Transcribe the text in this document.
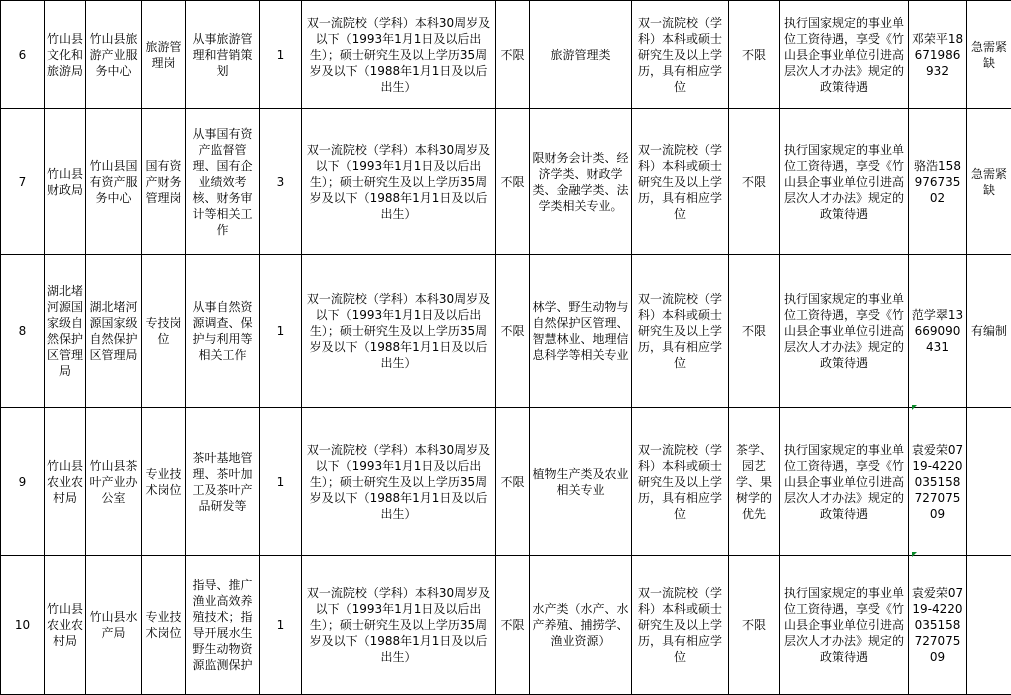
6	竹山县文化和旅游局	竹山县旅游产业服务中心	旅游管理岗	从事旅游管理和营销策划	1	双一流院校（学科）本科30周岁及以下（1993年1月1日及以后出生）；硕士研究生及以上学历35周岁及以下（1988年1月1日及以后出生）	不限	旅游管理类	双一流院校（学科）本科或硕士研究生及以上学历，具有相应学位	不限	执行国家规定的事业单位工资待遇，享受《竹山县企事业单位引进高层次人才办法》规定的政策待遇	邓荣平18671986932	急需紧缺
7	竹山县财政局	竹山县国有资产服务中心	国有资产财务管理岗	从事国有资产监督管理、国有企业绩效考核、财务审计等相关工作	3	双一流院校（学科）本科30周岁及以下（1993年1月1日及以后出生）；硕士研究生及以上学历35周岁及以下（1988年1月1日及以后出生）	不限	限财务会计类、经济学类、财政学类、金融学类、法学类相关专业。	双一流院校（学科）本科或硕士研究生及以上学历，具有相应学位	不限	执行国家规定的事业单位工资待遇，享受《竹山县企事业单位引进高层次人才办法》规定的政策待遇	骆浩15897673502	急需紧缺
8	湖北堵河源国家级自然保护区管理局	湖北堵河源国家级自然保护区管理局	专技岗位	从事自然资源调查、保护与利用等相关工作	1	双一流院校（学科）本科30周岁及以下（1993年1月1日及以后出生）；硕士研究生及以上学历35周岁及以下（1988年1月1日及以后出生）	不限	林学、野生动物与自然保护区管理、智慧林业、地理信息科学等相关专业	双一流院校（学科）本科或硕士研究生及以上学历，具有相应学位	不限	执行国家规定的事业单位工资待遇，享受《竹山县企事业单位引进高层次人才办法》规定的政策待遇	范学翠13669090431	有编制
9	竹山县农业农村局	竹山县茶叶产业办公室	专业技术岗位	茶叶基地管理、茶叶加工及茶叶产品研发等	1	双一流院校（学科）本科30周岁及以下（1993年1月1日及以后出生）；硕士研究生及以上学历35周岁及以下（1988年1月1日及以后出生）	不限	植物生产类及农业相关专业	双一流院校（学科）本科或硕士研究生及以上学历，具有相应学位	茶学、园艺学、果树学的优先	执行国家规定的事业单位工资待遇，享受《竹山县企事业单位引进高层次人才办法》规定的政策待遇	袁爱荣0719-422003515872707509	
10	竹山县农业农村局	竹山县水产局	专业技术岗位	指导、推广渔业高效养殖技术；指导开展水生野生动物资源监测保护	1	双一流院校（学科）本科30周岁及以下（1993年1月1日及以后出生）；硕士研究生及以上学历35周岁及以下（1988年1月1日及以后出生）	不限	水产类（水产、水产养殖、捕捞学、渔业资源）	双一流院校（学科）本科或硕士研究生及以上学历，具有相应学位	不限	执行国家规定的事业单位工资待遇，享受《竹山县企事业单位引进高层次人才办法》规定的政策待遇	袁爱荣0719-422003515872707509	
